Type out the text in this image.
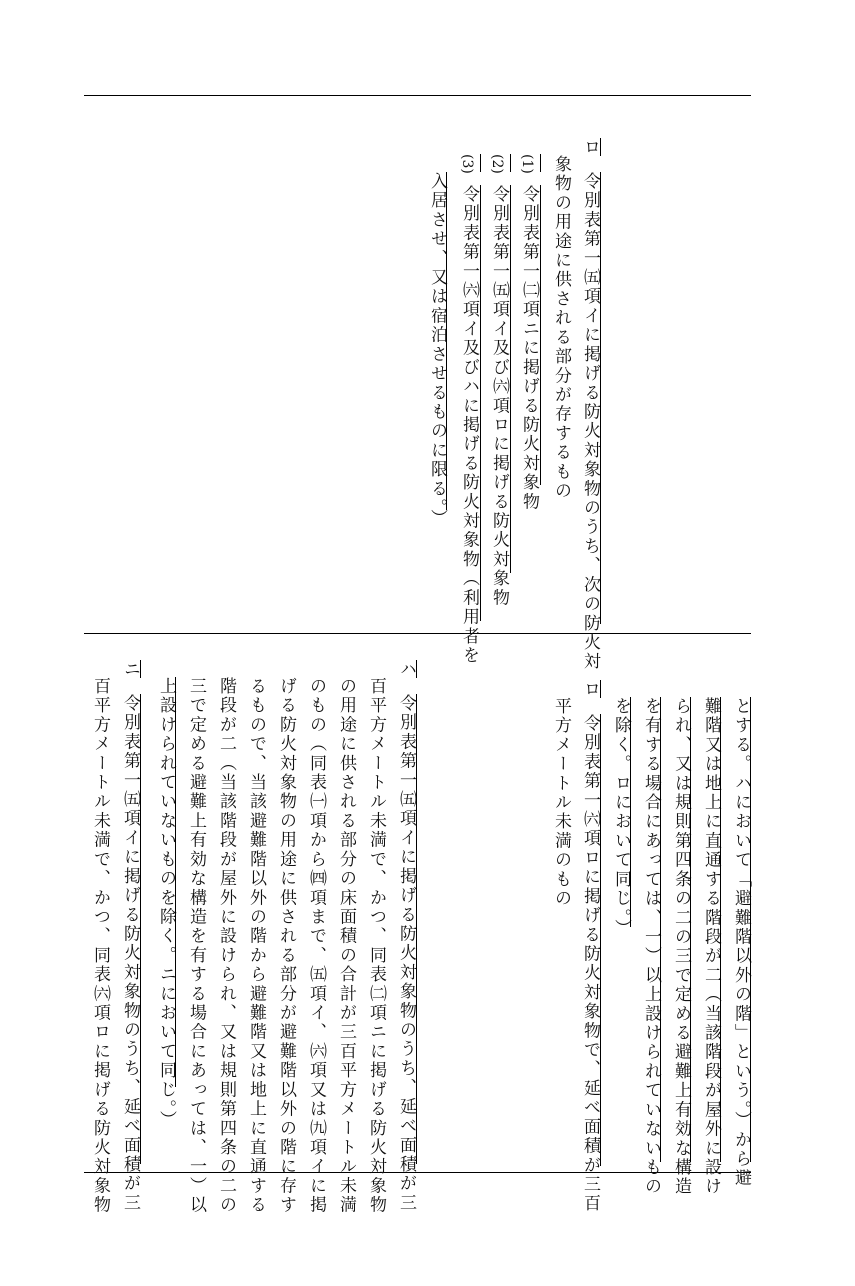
ロ
令別表第一㈤項イに掲げる防火対象物のうち、次の防火対
象物の用途に供される部分が存するもの
(1)
令別表第一㈡項ニに掲げる防火対象物
(2)
令別表第一㈤項イ及び㈥項ロに掲げる防火対象物
(3)
令別表第一㈥項イ及びハに掲げる防火対象物（利用者を
入居させ、又は宿泊させるものに限る。）
とする。ハにおいて「避難階以外の階」という。）から避
難階又は地上に直通する階段が二（当該階段が屋外に設け
られ、又は規則第四条の二の三で定める避難上有効な構造
を有する場合にあっては、一）以上設けられていないもの
を除く。ロにおいて同じ。）
ロ
令別表第一㈥項ロに掲げる防火対象物で、延べ面積が三百
平方メートル未満のもの
ハ
令別表第一㈤項イに掲げる防火対象物のうち、延べ面積が三
百平方メートル未満で、かつ、同表㈡項ニに掲げる防火対象物
の用途に供される部分の床面積の合計が三百平方メートル未満
のもの（同表㈠項から㈣項まで、㈤項イ、㈥項又は㈨項イに掲
げる防火対象物の用途に供される部分が避難階以外の階に存す
るもので、当該避難階以外の階から避難階又は地上に直通する
階段が二（当該階段が屋外に設けられ、又は規則第四条の二の
三で定める避難上有効な構造を有する場合にあっては、一）以
上設けられていないものを除く。ニにおいて同じ。）
ニ
令別表第一㈤項イに掲げる防火対象物のうち、延べ面積が三
百平方メートル未満で、かつ、同表㈥項ロに掲げる防火対象物
